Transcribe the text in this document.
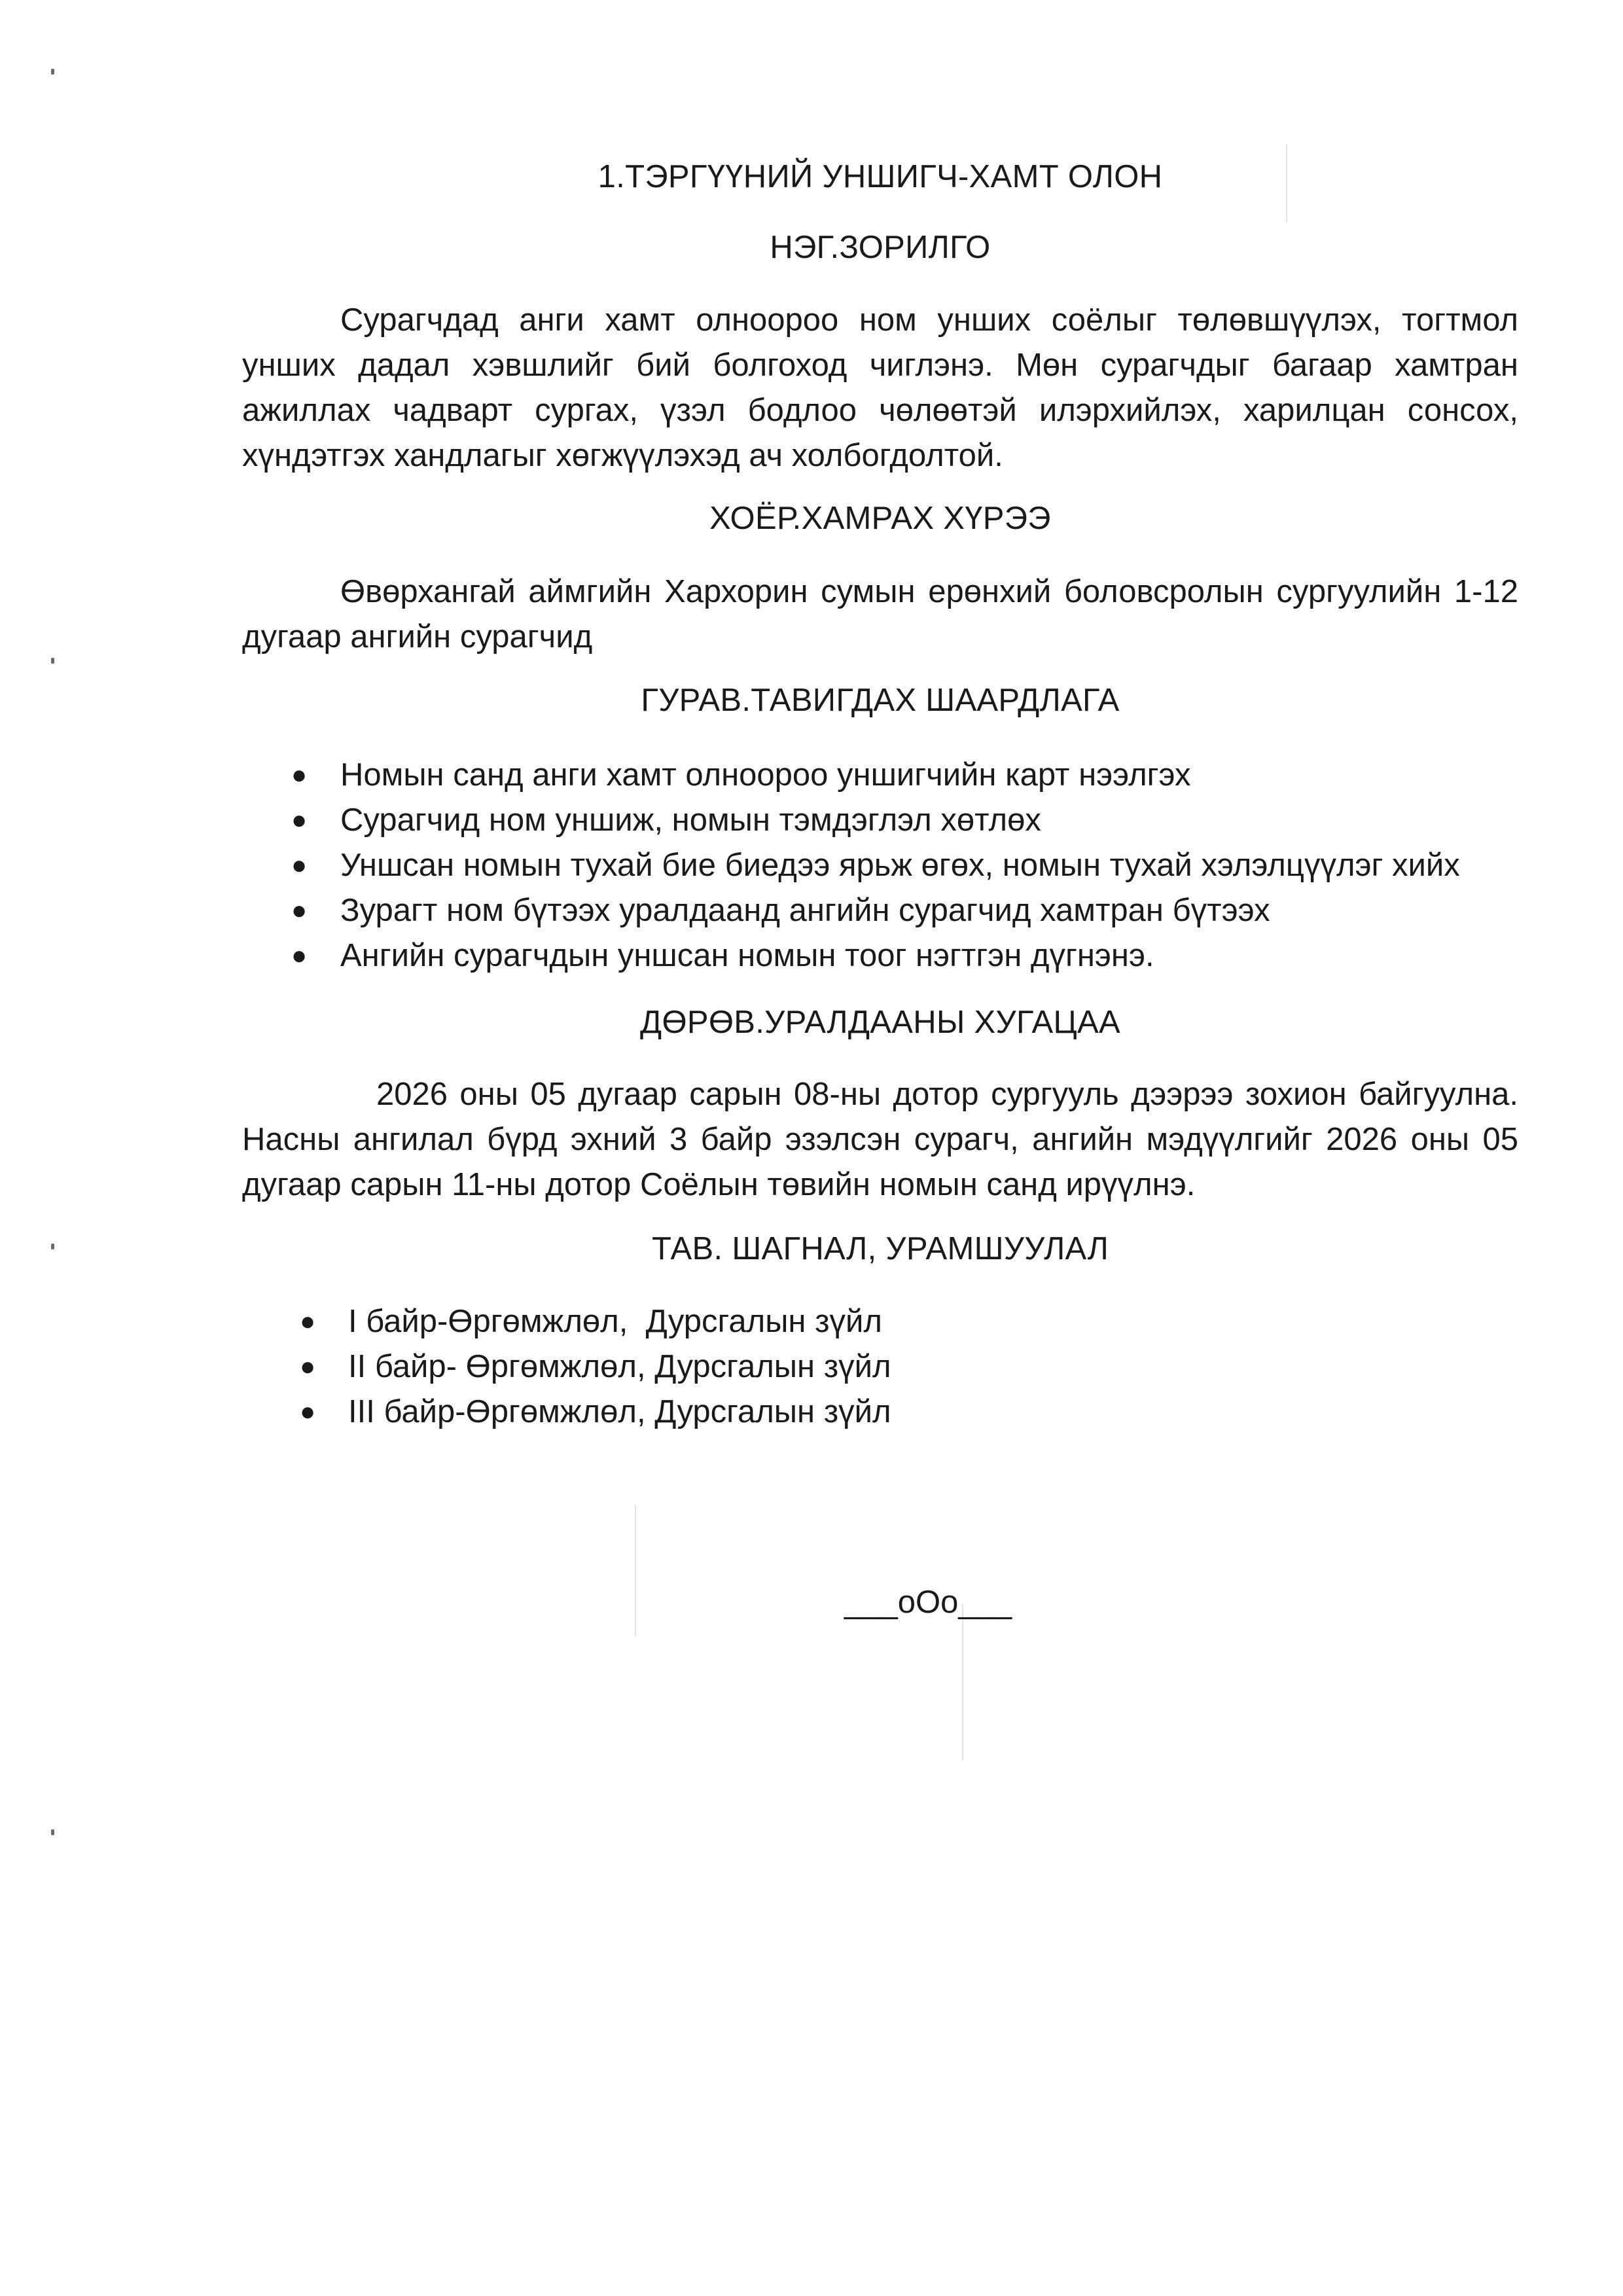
1.ТЭРГҮҮНИЙ УНШИГЧ-ХАМТ ОЛОН
НЭГ.ЗОРИЛГО

Сурагчдад анги хамт олноороо ном унших соёлыг төлөвшүүлэх, тогтмол унших дадал хэвшлийг бий болгоход чиглэнэ. Мөн сурагчдыг багаар хамтран ажиллах чадварт сургах, үзэл бодлоо чөлөөтэй илэрхийлэх, харилцан сонсох, хүндэтгэх хандлагыг хөгжүүлэхэд ач холбогдолтой.

ХОЁР.ХАМРАХ ХҮРЭЭ

Өвөрхангай аймгийн Хархорин сумын ерөнхий боловсролын сургуулийн 1-12 дугаар ангийн сурагчид

ГУРАВ.ТАВИГДАХ ШААРДЛАГА
● Номын санд анги хамт олноороо уншигчийн карт нээлгэх
● Сурагчид ном уншиж, номын тэмдэглэл хөтлөх
● Уншсан номын тухай бие биедээ ярьж өгөх, номын тухай хэлэлцүүлэг хийх
● Зурагт ном бүтээх уралдаанд ангийн сурагчид хамтран бүтээх
● Ангийн сурагчдын уншсан номын тоог нэгтгэн дүгнэнэ.
ДӨРӨВ.УРАЛДААНЫ ХУГАЦАА

2026 оны 05 дугаар сарын 08-ны дотор сургууль дээрээ зохион байгуулна. Насны ангилал бүрд эхний 3 байр эзэлсэн сурагч, ангийн мэдүүлгийг 2026 оны 05 дугаар сарын 11-ны дотор Соёлын төвийн номын санд ирүүлнэ.

ТАВ. ШАГНАЛ, УРАМШУУЛАЛ
● I байр-Өргөмжлөл,  Дурсгалын зүйл
● II байр- Өргөмжлөл, Дурсгалын зүйл
● III байр-Өргөмжлөл, Дурсгалын зүйл
___oOo___
